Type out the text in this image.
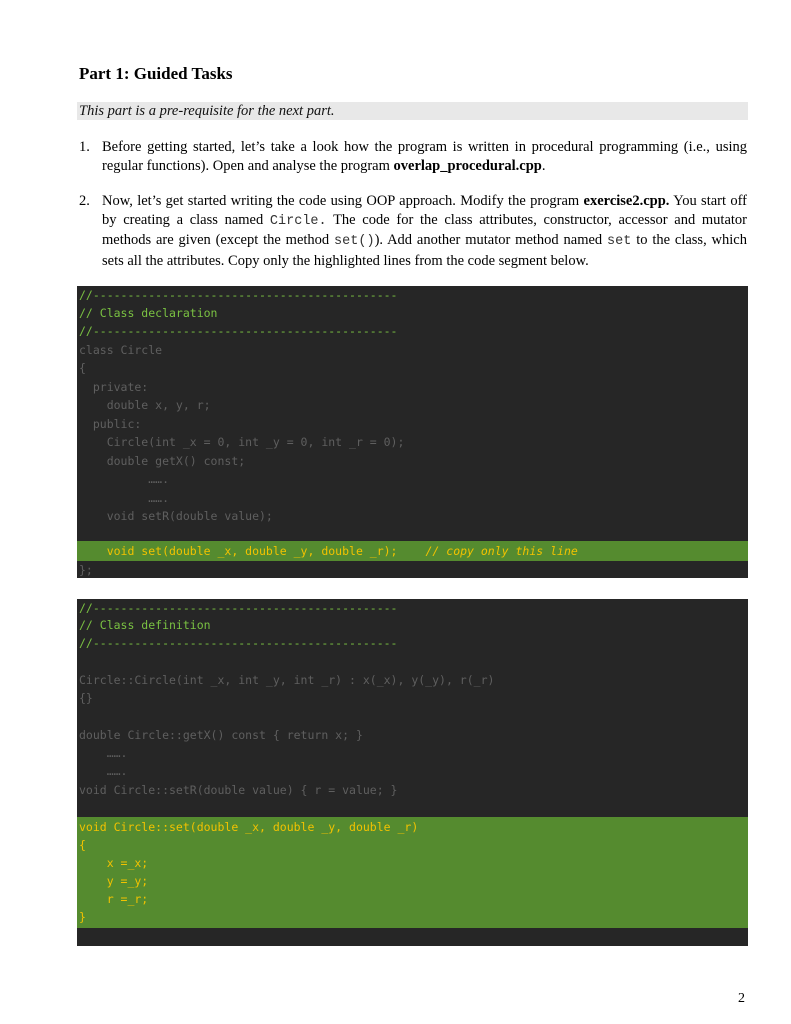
Part 1: Guided Tasks
This part is a pre-requisite for the next part.
1. Before getting started, let’s take a look how the program is written in procedural programming (i.e., using regular functions). Open and analyse the program overlap_procedural.cpp.
2. Now, let’s get started writing the code using OOP approach. Modify the program exercise2.cpp. You start off by creating a class named Circle. The code for the class attributes, constructor, accessor and mutator methods are given (except the method set()). Add another mutator method named set to the class, which sets all the attributes. Copy only the highlighted lines from the code segment below.
//--------------------------------------------
// Class declaration
//--------------------------------------------
class Circle
{
private:
double x, y, r;
public:
Circle(int _x = 0, int _y = 0, int _r = 0);
double getX() const;
…….
…….
void setR(double value);
void set(double _x, double _y, double _r); // copy only this line
};
//--------------------------------------------
// Class definition
//--------------------------------------------
Circle::Circle(int _x, int _y, int _r) : x(_x), y(_y), r(_r)
{}
double Circle::getX() const { return x; }
…….
…….
void Circle::setR(double value) { r = value; }
void Circle::set(double _x, double _y, double _r)
{
x =_x;
y =_y;
r =_r;
}
2
